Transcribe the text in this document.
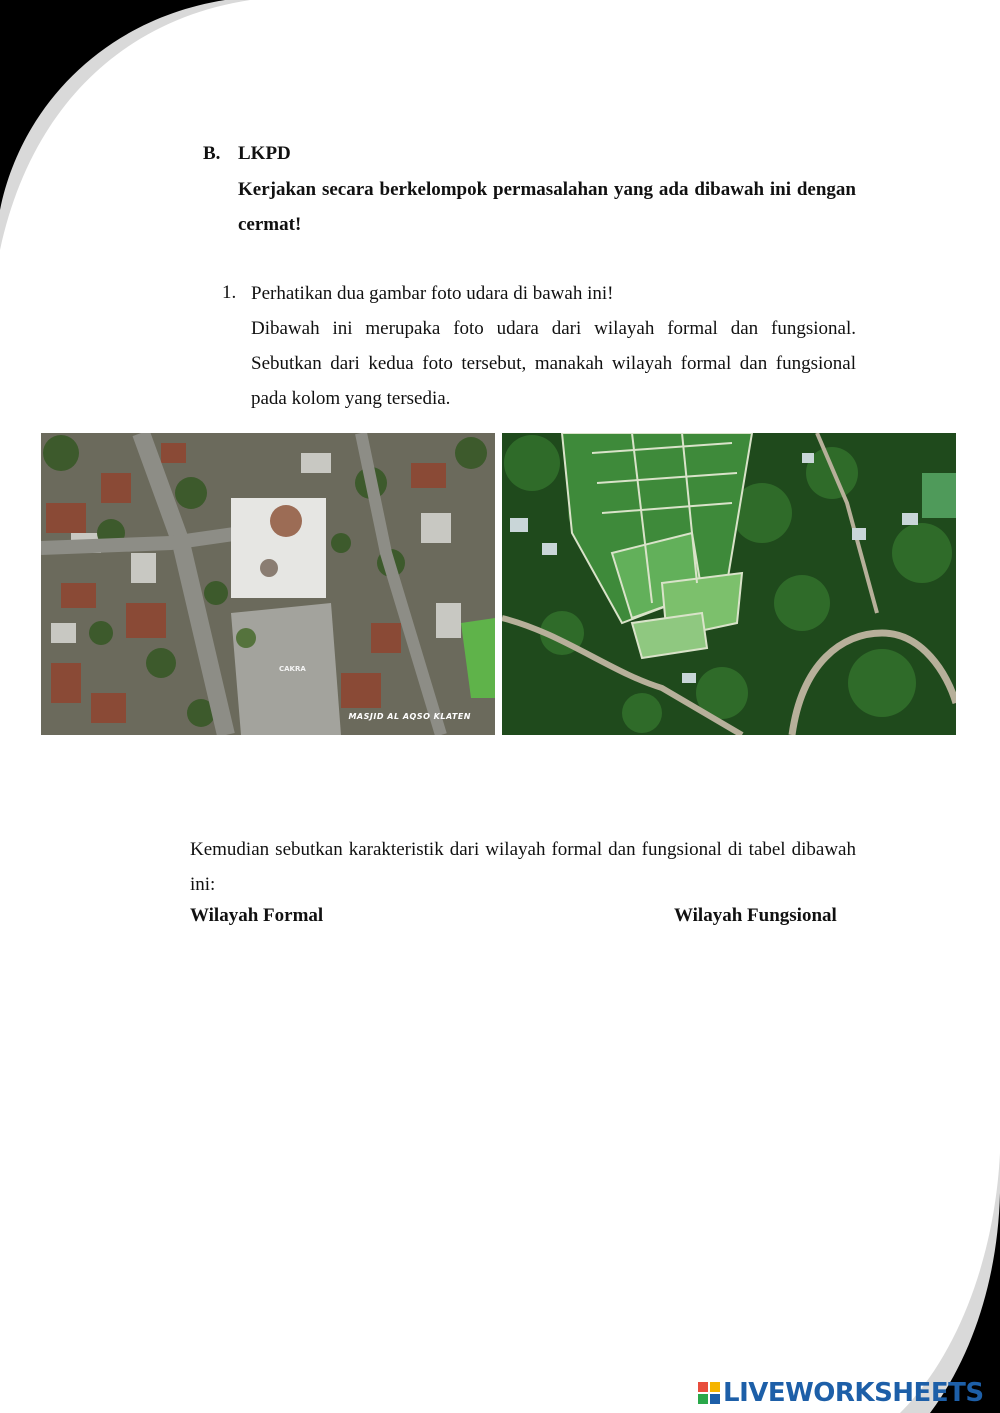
B. LKPD
Kerjakan secara berkelompok permasalahan yang ada dibawah ini dengan cermat!
1. Perhatikan dua gambar foto udara di bawah ini!
Dibawah ini merupaka foto udara dari wilayah formal dan fungsional. Sebutkan dari kedua foto tersebut, manakah wilayah formal dan fungsional pada kolom yang tersedia.
CAKRA
MASJID AL AQSO KLATEN
Kemudian sebutkan karakteristik dari wilayah formal dan fungsional di tabel dibawah ini:
Wilayah Formal	Wilayah Fungsional
LIVEWORKSHEETS
